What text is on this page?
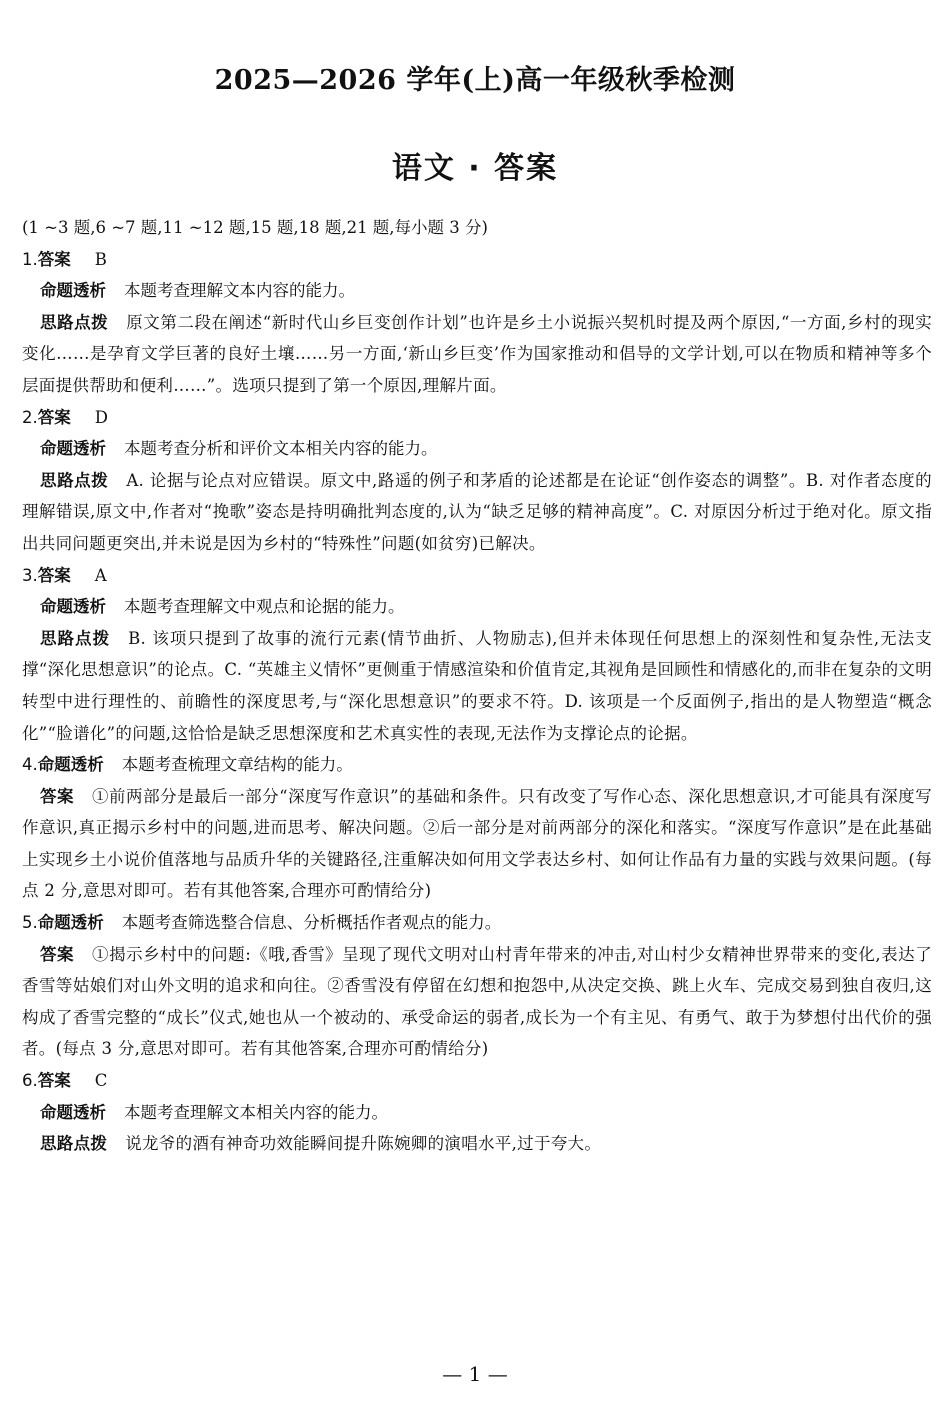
2025—2026 学年(上)高一年级秋季检测
语文 · 答案
(1 ~3 题,6 ~7 题,11 ~12 题,15 题,18 题,21 题,每小题 3 分)
1.答案 B
命题透析 本题考查理解文本内容的能力。
思路点拨 原文第二段在阐述“新时代山乡巨变创作计划”也许是乡土小说振兴契机时提及两个原因,“一方面,乡村的现实变化……是孕育文学巨著的良好土壤……另一方面,‘新山乡巨变’作为国家推动和倡导的文学计划,可以在物质和精神等多个层面提供帮助和便利……”。选项只提到了第一个原因,理解片面。
2.答案 D
命题透析 本题考查分析和评价文本相关内容的能力。
思路点拨 A. 论据与论点对应错误。原文中,路遥的例子和茅盾的论述都是在论证“创作姿态的调整”。B. 对作者态度的理解错误,原文中,作者对“挽歌”姿态是持明确批判态度的,认为“缺乏足够的精神高度”。C. 对原因分析过于绝对化。原文指出共同问题更突出,并未说是因为乡村的“特殊性”问题(如贫穷)已解决。
3.答案 A
命题透析 本题考查理解文中观点和论据的能力。
思路点拨 B. 该项只提到了故事的流行元素(情节曲折、人物励志),但并未体现任何思想上的深刻性和复杂性,无法支撑“深化思想意识”的论点。C. “英雄主义情怀”更侧重于情感渲染和价值肯定,其视角是回顾性和情感化的,而非在复杂的文明转型中进行理性的、前瞻性的深度思考,与“深化思想意识”的要求不符。D. 该项是一个反面例子,指出的是人物塑造“概念化”“脸谱化”的问题,这恰恰是缺乏思想深度和艺术真实性的表现,无法作为支撑论点的论据。
4.命题透析 本题考查梳理文章结构的能力。
答案 ①前两部分是最后一部分“深度写作意识”的基础和条件。只有改变了写作心态、深化思想意识,才可能具有深度写作意识,真正揭示乡村中的问题,进而思考、解决问题。②后一部分是对前两部分的深化和落实。“深度写作意识”是在此基础上实现乡土小说价值落地与品质升华的关键路径,注重解决如何用文学表达乡村、如何让作品有力量的实践与效果问题。(每点 2 分,意思对即可。若有其他答案,合理亦可酌情给分)
5.命题透析 本题考查筛选整合信息、分析概括作者观点的能力。
答案 ①揭示乡村中的问题:《哦,香雪》呈现了现代文明对山村青年带来的冲击,对山村少女精神世界带来的变化,表达了香雪等姑娘们对山外文明的追求和向往。②香雪没有停留在幻想和抱怨中,从决定交换、跳上火车、完成交易到独自夜归,这构成了香雪完整的“成长”仪式,她也从一个被动的、承受命运的弱者,成长为一个有主见、有勇气、敢于为梦想付出代价的强者。(每点 3 分,意思对即可。若有其他答案,合理亦可酌情给分)
6.答案 C
命题透析 本题考查理解文本相关内容的能力。
思路点拨 说龙爷的酒有神奇功效能瞬间提升陈婉卿的演唱水平,过于夸大。
— 1 —
